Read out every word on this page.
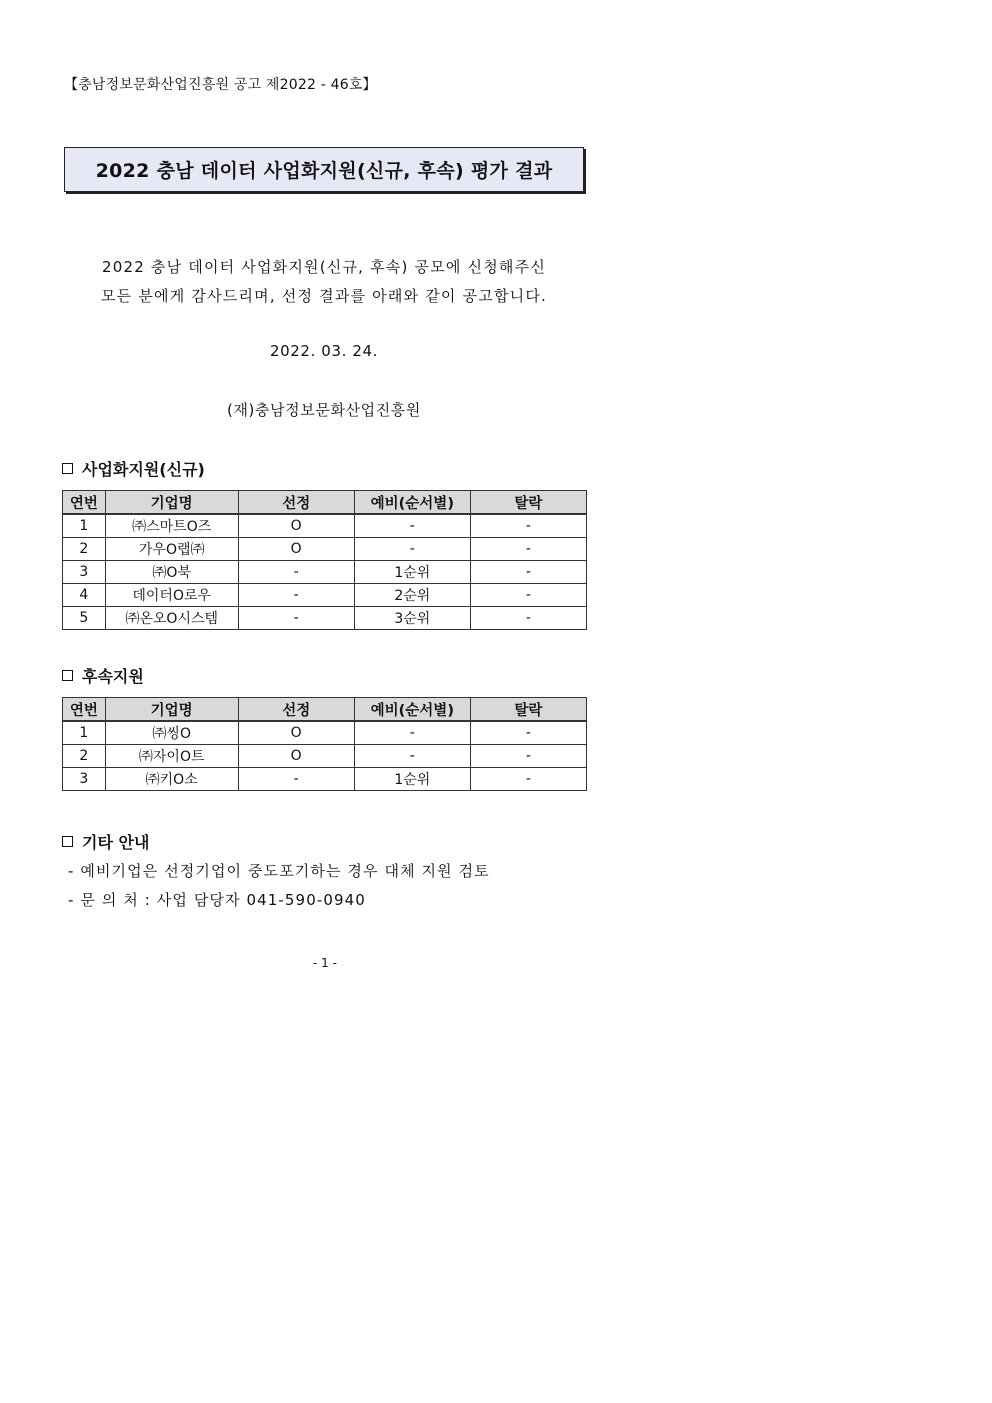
【충남정보문화산업진흥원 공고 제2022 - 46호】
2022 충남 데이터 사업화지원(신규, 후속) 평가 결과
2022 충남 데이터 사업화지원(신규, 후속) 공모에 신청해주신
모든 분에게 감사드리며, 선정 결과를 아래와 같이 공고합니다.
2022. 03. 24.
(재)충남정보문화산업진흥원
사업화지원(신규)
연번	기업명	선정	예비(순서별)	탈락
1	㈜스마트O즈	O	-	-
2	가우O랩㈜	O	-	-
3	㈜O북	-	1순위	-
4	데이터O로우	-	2순위	-
5	㈜온오O시스템	-	3순위	-
후속지원
연번	기업명	선정	예비(순서별)	탈락
1	㈜씽O	O	-	-
2	㈜자이O트	O	-	-
3	㈜키O소	-	1순위	-
기타 안내
- 예비기업은 선정기업이 중도포기하는 경우 대체 지원 검토
- 문 의 처 : 사업 담당자 041-590-0940
- 1 -
